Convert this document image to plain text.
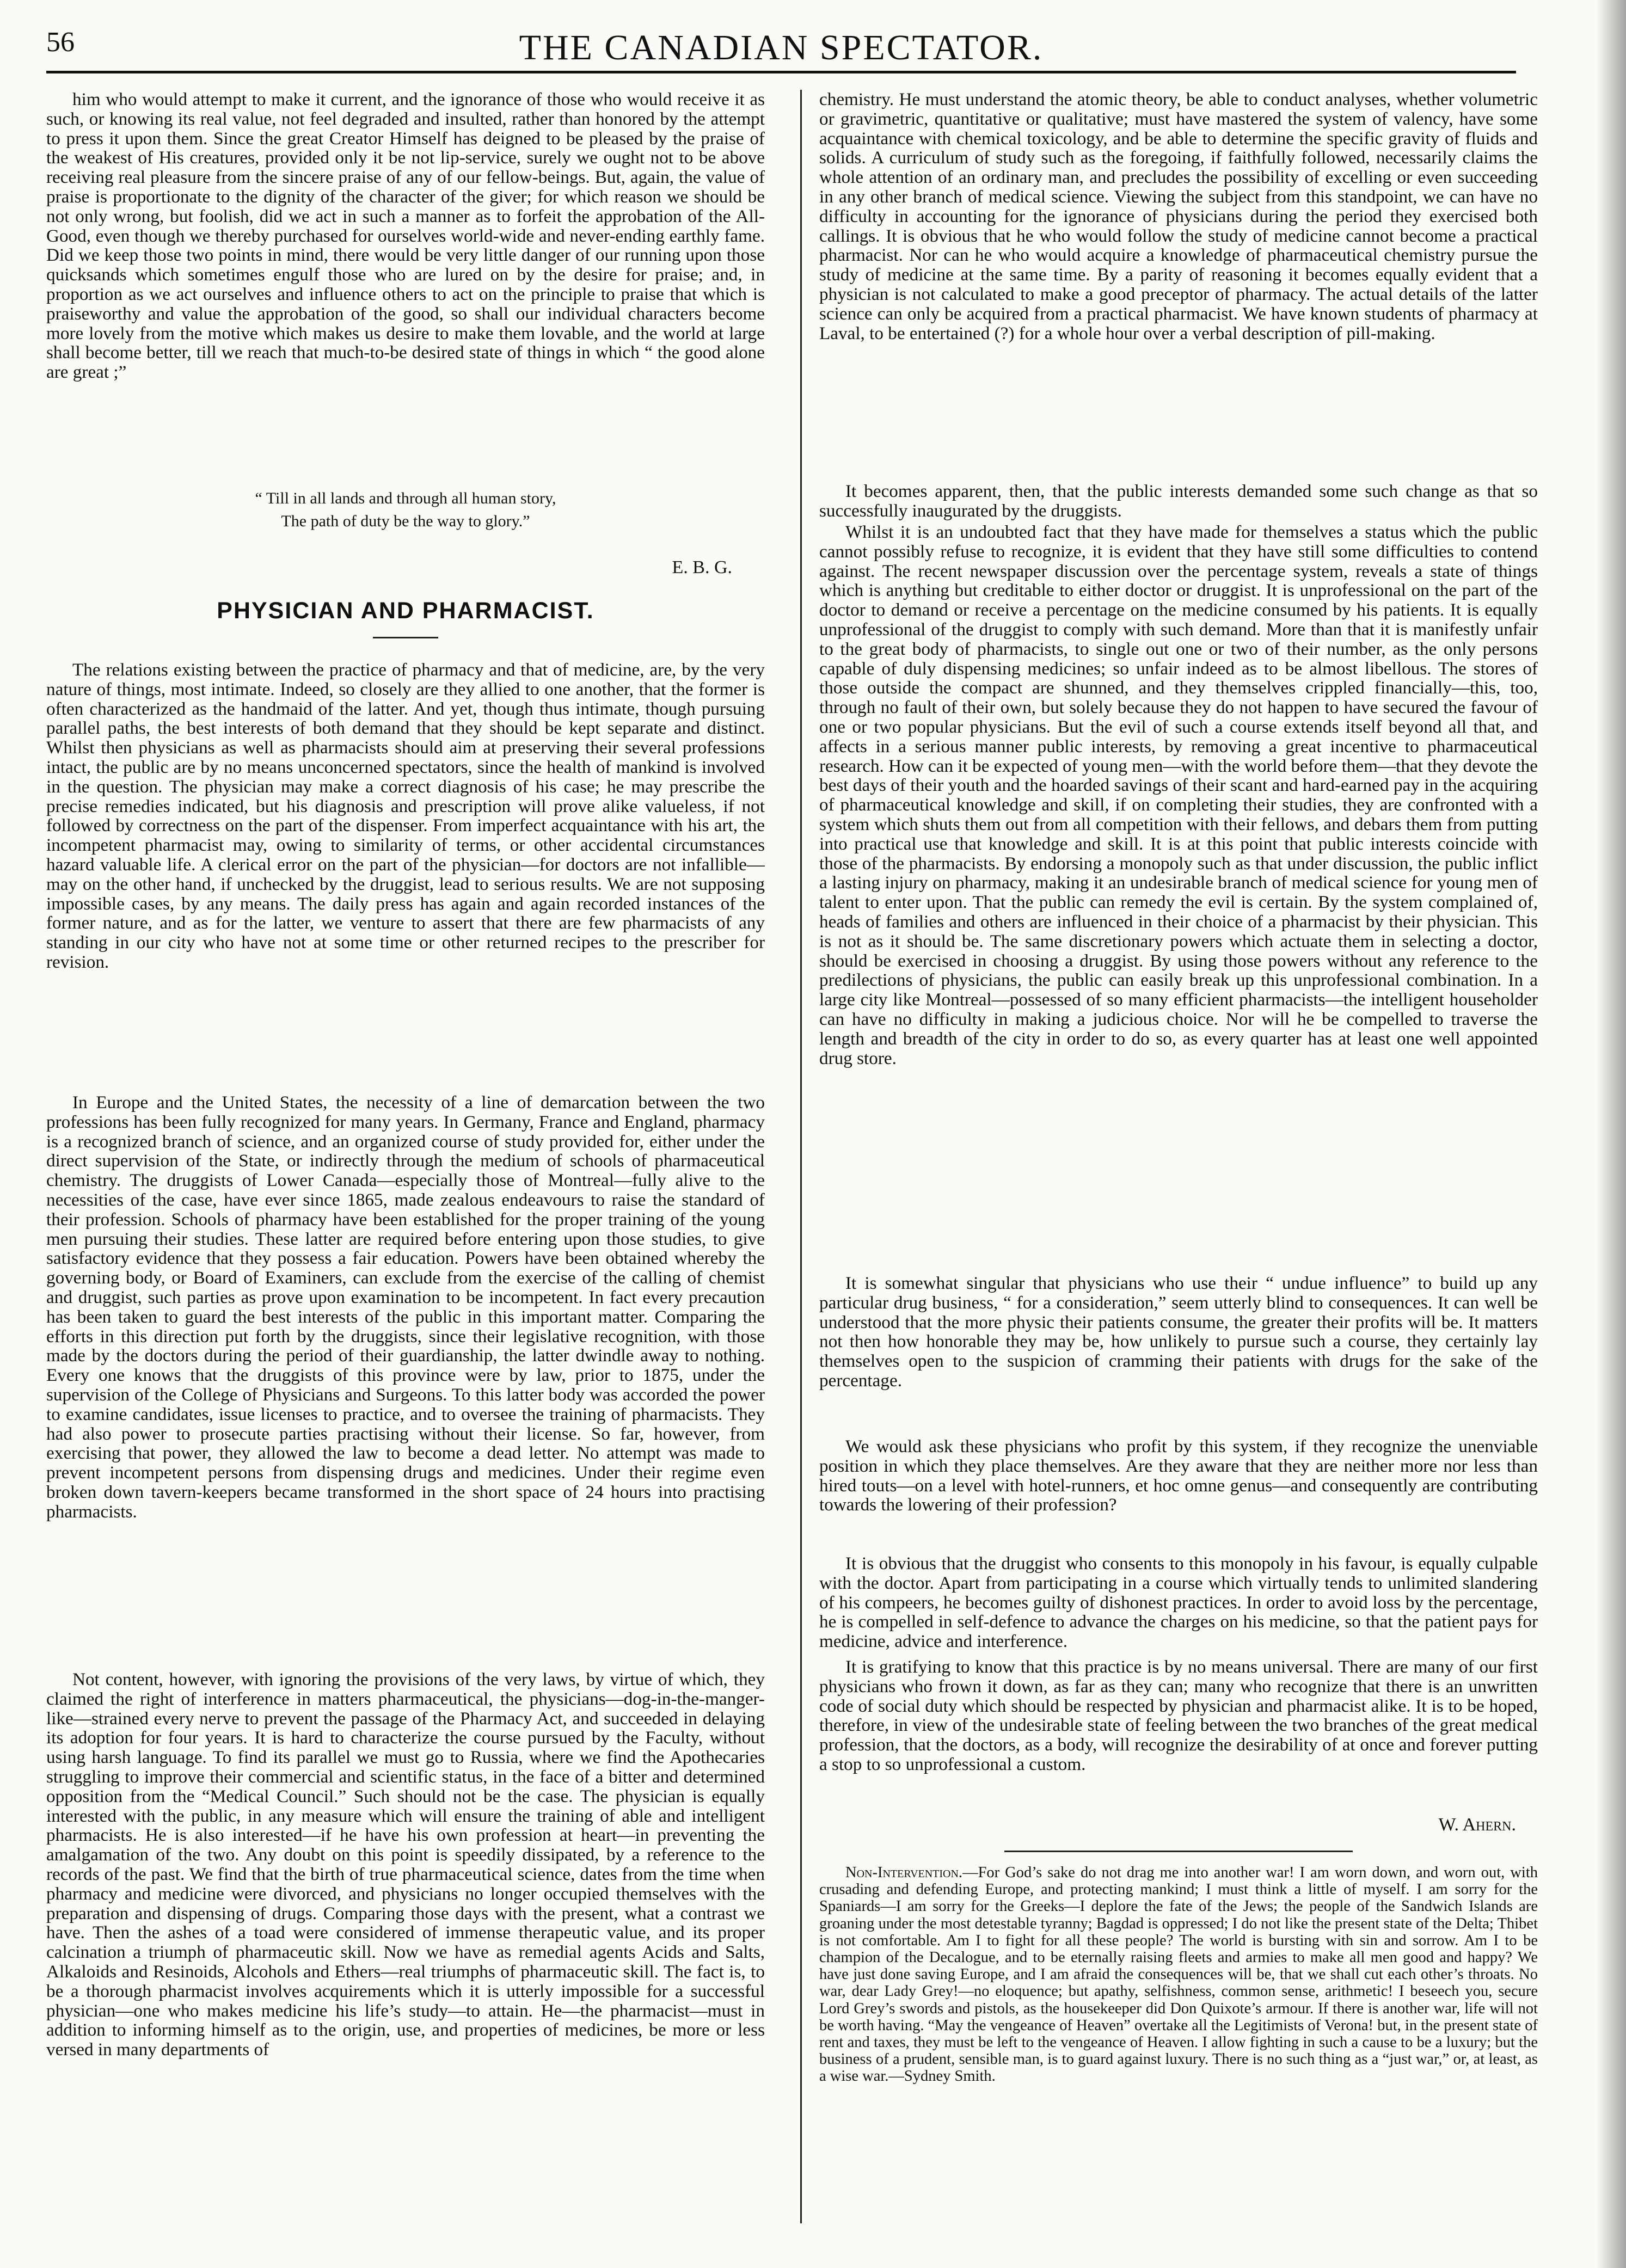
56	THE CANADIAN SPECTATOR.

him who would attempt to make it current, and the ignorance of those who would receive it as such, or knowing its real value, not feel degraded and insulted, rather than honored by the attempt to press it upon them. Since the great Creator Himself has deigned to be pleased by the praise of the weakest of His creatures, provided only it be not lip-service, surely we ought not to be above receiving real pleasure from the sincere praise of any of our fellow-beings. But, again, the value of praise is proportionate to the dignity of the character of the giver; for which reason we should be not only wrong, but foolish, did we act in such a manner as to forfeit the approbation of the All-Good, even though we thereby purchased for ourselves world-wide and never-ending earthly fame. Did we keep those two points in mind, there would be very little danger of our running upon those quicksands which sometimes engulf those who are lured on by the desire for praise; and, in proportion as we act ourselves and influence others to act on the principle to praise that which is praiseworthy and value the approbation of the good, so shall our individual characters become more lovely from the motive which makes us desire to make them lovable, and the world at large shall become better, till we reach that much-to-be desired state of things in which “ the good alone are great ;”

“ Till in all lands and through all human story,
The path of duty be the way to glory.”
E. B. G.
PHYSICIAN AND PHARMACIST.

The relations existing between the practice of pharmacy and that of medicine, are, by the very nature of things, most intimate. Indeed, so closely are they allied to one another, that the former is often characterized as the handmaid of the latter. And yet, though thus intimate, though pursuing parallel paths, the best interests of both demand that they should be kept separate and distinct. Whilst then physicians as well as pharmacists should aim at preserving their several professions intact, the public are by no means unconcerned spectators, since the health of mankind is involved in the question. The physician may make a correct diagnosis of his case; he may prescribe the precise remedies indicated, but his diagnosis and prescription will prove alike valueless, if not followed by correctness on the part of the dispenser. From imperfect acquaintance with his art, the incompetent pharmacist may, owing to similarity of terms, or other accidental circumstances hazard valuable life. A clerical error on the part of the physician—for doctors are not infallible—may on the other hand, if unchecked by the druggist, lead to serious results. We are not supposing impossible cases, by any means. The daily press has again and again recorded instances of the former nature, and as for the latter, we venture to assert that there are few pharmacists of any standing in our city who have not at some time or other returned recipes to the prescriber for revision.

In Europe and the United States, the necessity of a line of demarcation between the two professions has been fully recognized for many years. In Germany, France and England, pharmacy is a recognized branch of science, and an organized course of study provided for, either under the direct supervision of the State, or indirectly through the medium of schools of pharmaceutical chemistry. The druggists of Lower Canada—especially those of Montreal—fully alive to the necessities of the case, have ever since 1865, made zealous endeavours to raise the standard of their profession. Schools of pharmacy have been established for the proper training of the young men pursuing their studies. These latter are required before entering upon those studies, to give satisfactory evidence that they possess a fair education. Powers have been obtained whereby the governing body, or Board of Examiners, can exclude from the exercise of the calling of chemist and druggist, such parties as prove upon examination to be incompetent. In fact every precaution has been taken to guard the best interests of the public in this important matter. Comparing the efforts in this direction put forth by the druggists, since their legislative recognition, with those made by the doctors during the period of their guardianship, the latter dwindle away to nothing. Every one knows that the druggists of this province were by law, prior to 1875, under the supervision of the College of Physicians and Surgeons. To this latter body was accorded the power to examine candidates, issue licenses to practice, and to oversee the training of pharmacists. They had also power to prosecute parties practising without their license. So far, however, from exercising that power, they allowed the law to become a dead letter. No attempt was made to prevent incompetent persons from dispensing drugs and medicines. Under their regime even broken down tavern-keepers became transformed in the short space of 24 hours into practising pharmacists.

Not content, however, with ignoring the provisions of the very laws, by virtue of which, they claimed the right of interference in matters pharmaceutical, the physicians—dog-in-the-manger-like—strained every nerve to prevent the passage of the Pharmacy Act, and succeeded in delaying its adoption for four years. It is hard to characterize the course pursued by the Faculty, without using harsh language. To find its parallel we must go to Russia, where we find the Apothecaries struggling to improve their commercial and scientific status, in the face of a bitter and determined opposition from the “Medical Council.” Such should not be the case. The physician is equally interested with the public, in any measure which will ensure the training of able and intelligent pharmacists. He is also interested—if he have his own profession at heart—in preventing the amalgamation of the two. Any doubt on this point is speedily dissipated, by a reference to the records of the past. We find that the birth of true pharmaceutical science, dates from the time when pharmacy and medicine were divorced, and physicians no longer occupied themselves with the preparation and dispensing of drugs. Comparing those days with the present, what a contrast we have. Then the ashes of a toad were considered of immense therapeutic value, and its proper calcination a triumph of pharmaceutic skill. Now we have as remedial agents Acids and Salts, Alkaloids and Resinoids, Alcohols and Ethers—real triumphs of pharmaceutic skill. The fact is, to be a thorough pharmacist involves acquirements which it is utterly impossible for a successful physician—one who makes medicine his life’s study—to attain. He—the pharmacist—must in addition to informing himself as to the origin, use, and properties of medicines, be more or less versed in many departments of

chemistry. He must understand the atomic theory, be able to conduct analyses, whether volumetric or gravimetric, quantitative or qualitative; must have mastered the system of valency, have some acquaintance with chemical toxicology, and be able to determine the specific gravity of fluids and solids. A curriculum of study such as the foregoing, if faithfully followed, necessarily claims the whole attention of an ordinary man, and precludes the possibility of excelling or even succeeding in any other branch of medical science. Viewing the subject from this standpoint, we can have no difficulty in accounting for the ignorance of physicians during the period they exercised both callings. It is obvious that he who would follow the study of medicine cannot become a practical pharmacist. Nor can he who would acquire a knowledge of pharmaceutical chemistry pursue the study of medicine at the same time. By a parity of reasoning it becomes equally evident that a physician is not calculated to make a good preceptor of pharmacy. The actual details of the latter science can only be acquired from a practical pharmacist. We have known students of pharmacy at Laval, to be entertained (?) for a whole hour over a verbal description of pill-making.

It becomes apparent, then, that the public interests demanded some such change as that so successfully inaugurated by the druggists.

Whilst it is an undoubted fact that they have made for themselves a status which the public cannot possibly refuse to recognize, it is evident that they have still some difficulties to contend against. The recent newspaper discussion over the percentage system, reveals a state of things which is anything but creditable to either doctor or druggist. It is unprofessional on the part of the doctor to demand or receive a percentage on the medicine consumed by his patients. It is equally unprofessional of the druggist to comply with such demand. More than that it is manifestly unfair to the great body of pharmacists, to single out one or two of their number, as the only persons capable of duly dispensing medicines; so unfair indeed as to be almost libellous. The stores of those outside the compact are shunned, and they themselves crippled financially—this, too, through no fault of their own, but solely because they do not happen to have secured the favour of one or two popular physicians. But the evil of such a course extends itself beyond all that, and affects in a serious manner public interests, by removing a great incentive to pharmaceutical research. How can it be expected of young men—with the world before them—that they devote the best days of their youth and the hoarded savings of their scant and hard-earned pay in the acquiring of pharmaceutical knowledge and skill, if on completing their studies, they are confronted with a system which shuts them out from all competition with their fellows, and debars them from putting into practical use that knowledge and skill. It is at this point that public interests coincide with those of the pharmacists. By endorsing a monopoly such as that under discussion, the public inflict a lasting injury on pharmacy, making it an undesirable branch of medical science for young men of talent to enter upon. That the public can remedy the evil is certain. By the system complained of, heads of families and others are influenced in their choice of a pharmacist by their physician. This is not as it should be. The same discretionary powers which actuate them in selecting a doctor, should be exercised in choosing a druggist. By using those powers without any reference to the predilections of physicians, the public can easily break up this unprofessional combination. In a large city like Montreal—possessed of so many efficient pharmacists—the intelligent householder can have no difficulty in making a judicious choice. Nor will he be compelled to traverse the length and breadth of the city in order to do so, as every quarter has at least one well appointed drug store.

It is somewhat singular that physicians who use their “ undue influence” to build up any particular drug business, “ for a consideration,” seem utterly blind to consequences. It can well be understood that the more physic their patients consume, the greater their profits will be. It matters not then how honorable they may be, how unlikely to pursue such a course, they certainly lay themselves open to the suspicion of cramming their patients with drugs for the sake of the percentage.

We would ask these physicians who profit by this system, if they recognize the unenviable position in which they place themselves. Are they aware that they are neither more nor less than hired touts—on a level with hotel-runners, et hoc omne genus—and consequently are contributing towards the lowering of their profession?

It is obvious that the druggist who consents to this monopoly in his favour, is equally culpable with the doctor. Apart from participating in a course which virtually tends to unlimited slandering of his compeers, he becomes guilty of dishonest practices. In order to avoid loss by the percentage, he is compelled in self-defence to advance the charges on his medicine, so that the patient pays for medicine, advice and interference.

It is gratifying to know that this practice is by no means universal. There are many of our first physicians who frown it down, as far as they can; many who recognize that there is an unwritten code of social duty which should be respected by physician and pharmacist alike. It is to be hoped, therefore, in view of the undesirable state of feeling between the two branches of the great medical profession, that the doctors, as a body, will recognize the desirability of at once and forever putting a stop to so unprofessional a custom.

W. Ahern.

Non-Intervention.—For God’s sake do not drag me into another war! I am worn down, and worn out, with crusading and defending Europe, and protecting mankind; I must think a little of myself. I am sorry for the Spaniards—I am sorry for the Greeks—I deplore the fate of the Jews; the people of the Sandwich Islands are groaning under the most detestable tyranny; Bagdad is oppressed; I do not like the present state of the Delta; Thibet is not comfortable. Am I to fight for all these people? The world is bursting with sin and sorrow. Am I to be champion of the Decalogue, and to be eternally raising fleets and armies to make all men good and happy? We have just done saving Europe, and I am afraid the consequences will be, that we shall cut each other’s throats. No war, dear Lady Grey!—no eloquence; but apathy, selfishness, common sense, arithmetic! I beseech you, secure Lord Grey’s swords and pistols, as the housekeeper did Don Quixote’s armour. If there is another war, life will not be worth having. “May the vengeance of Heaven” overtake all the Legitimists of Verona! but, in the present state of rent and taxes, they must be left to the vengeance of Heaven. I allow fighting in such a cause to be a luxury; but the business of a prudent, sensible man, is to guard against luxury. There is no such thing as a “just war,” or, at least, as a wise war.—Sydney Smith.
